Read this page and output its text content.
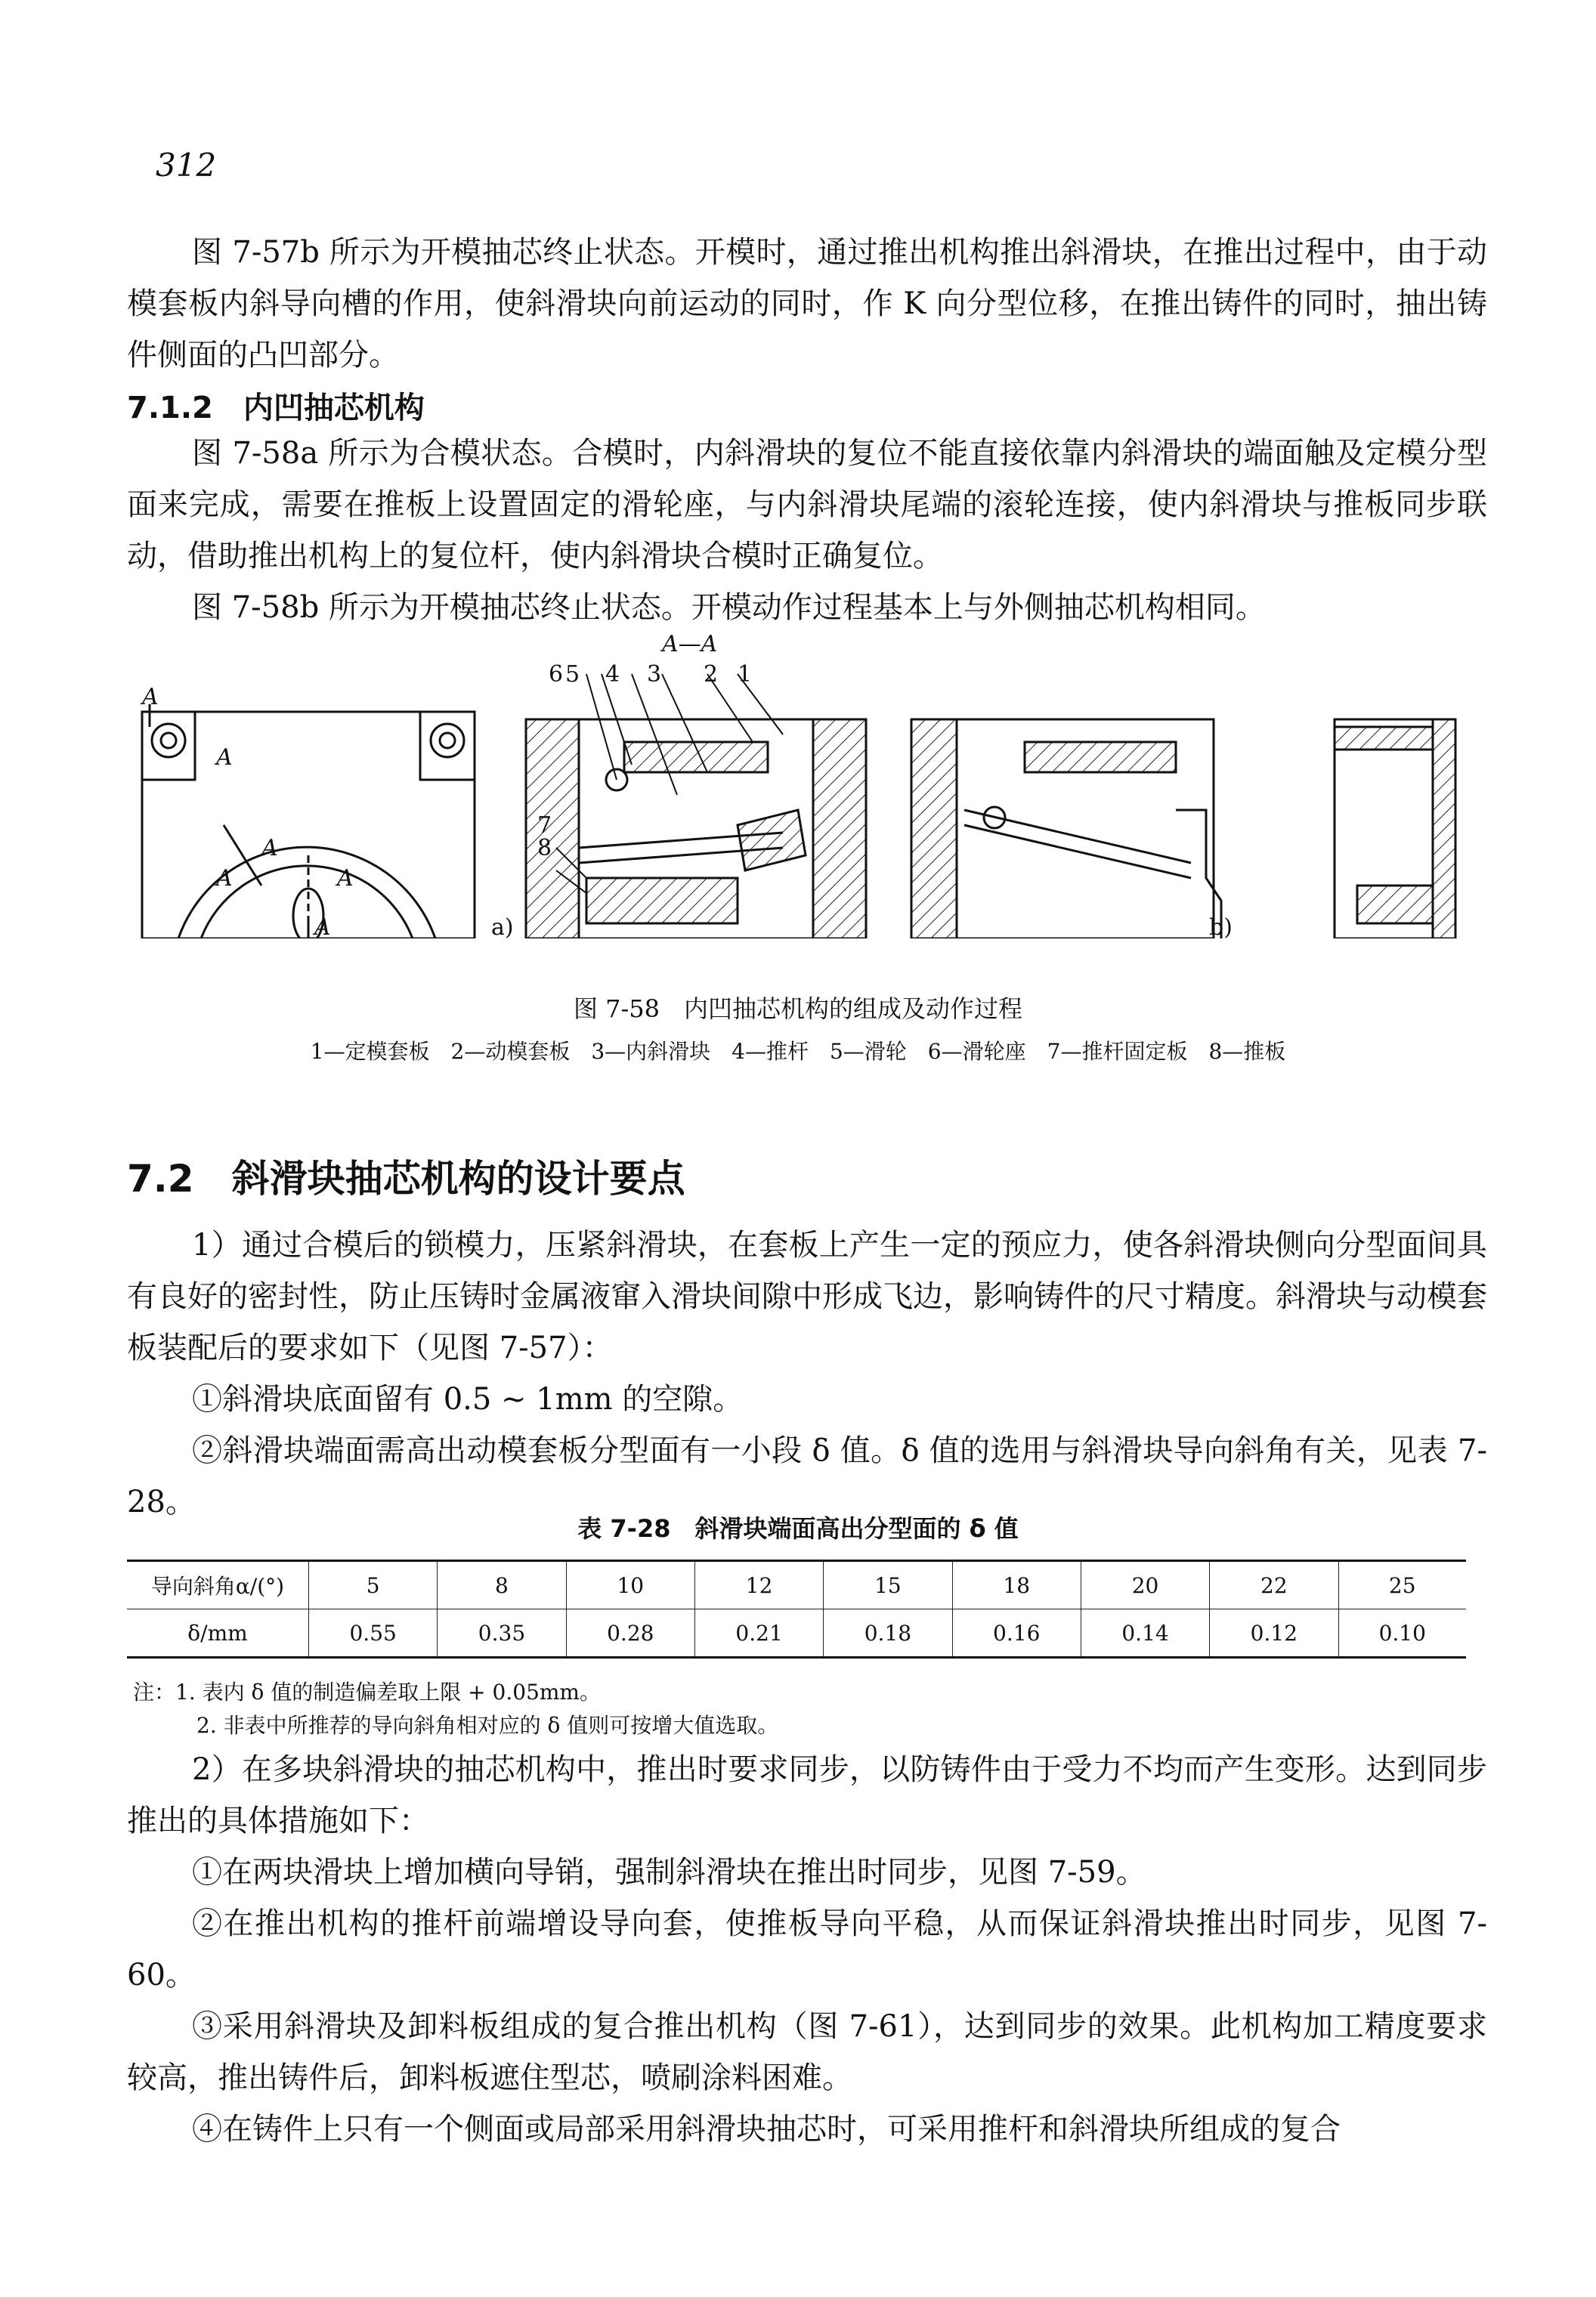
312

图 7-57b 所示为开模抽芯终止状态。开模时，通过推出机构推出斜滑块，在推出过程中，由于动模套板内斜导向槽的作用，使斜滑块向前运动的同时，作 K 向分型位移，在推出铸件的同时，抽出铸件侧面的凸凹部分。

7.1.2　内凹抽芯机构

图 7-58a 所示为合模状态。合模时，内斜滑块的复位不能直接依靠内斜滑块的端面触及定模分型面来完成，需要在推板上设置固定的滑轮座，与内斜滑块尾端的滚轮连接，使内斜滑块与推板同步联动，借助推出机构上的复位杆，使内斜滑块合模时正确复位。

图 7-58b 所示为开模抽芯终止状态。开模动作过程基本上与外侧抽芯机构相同。

A—A
6 5 4 3 2 1
7
8
A
A
A
A	A
A	a)	b)
图 7-58　内凹抽芯机构的组成及动作过程
1—定模套板　2—动模套板　3—内斜滑块　4—推杆　5—滑轮　6—滑轮座　7—推杆固定板　8—推板
7.2　斜滑块抽芯机构的设计要点

1）通过合模后的锁模力，压紧斜滑块，在套板上产生一定的预应力，使各斜滑块侧向分型面间具有良好的密封性，防止压铸时金属液窜入滑块间隙中形成飞边，影响铸件的尺寸精度。斜滑块与动模套板装配后的要求如下（见图 7-57）：

①斜滑块底面留有 0.5 ~ 1mm 的空隙。

②斜滑块端面需高出动模套板分型面有一小段 δ 值。δ 值的选用与斜滑块导向斜角有关，见表 7-28。

表 7-28　斜滑块端面高出分型面的 δ 值
导向斜角α/(°)	5	8	10	12	15	18	20	22	25
δ/mm	0.55	0.35	0.28	0.21	0.18	0.16	0.14	0.12	0.10
注：1. 表内 δ 值的制造偏差取上限 + 0.05mm。
2. 非表中所推荐的导向斜角相对应的 δ 值则可按增大值选取。

2）在多块斜滑块的抽芯机构中，推出时要求同步，以防铸件由于受力不均而产生变形。达到同步推出的具体措施如下：

①在两块滑块上增加横向导销，强制斜滑块在推出时同步，见图 7-59。

②在推出机构的推杆前端增设导向套，使推板导向平稳，从而保证斜滑块推出时同步，见图 7-60。

③采用斜滑块及卸料板组成的复合推出机构（图 7-61），达到同步的效果。此机构加工精度要求较高，推出铸件后，卸料板遮住型芯，喷刷涂料困难。

④在铸件上只有一个侧面或局部采用斜滑块抽芯时，可采用推杆和斜滑块所组成的复合
